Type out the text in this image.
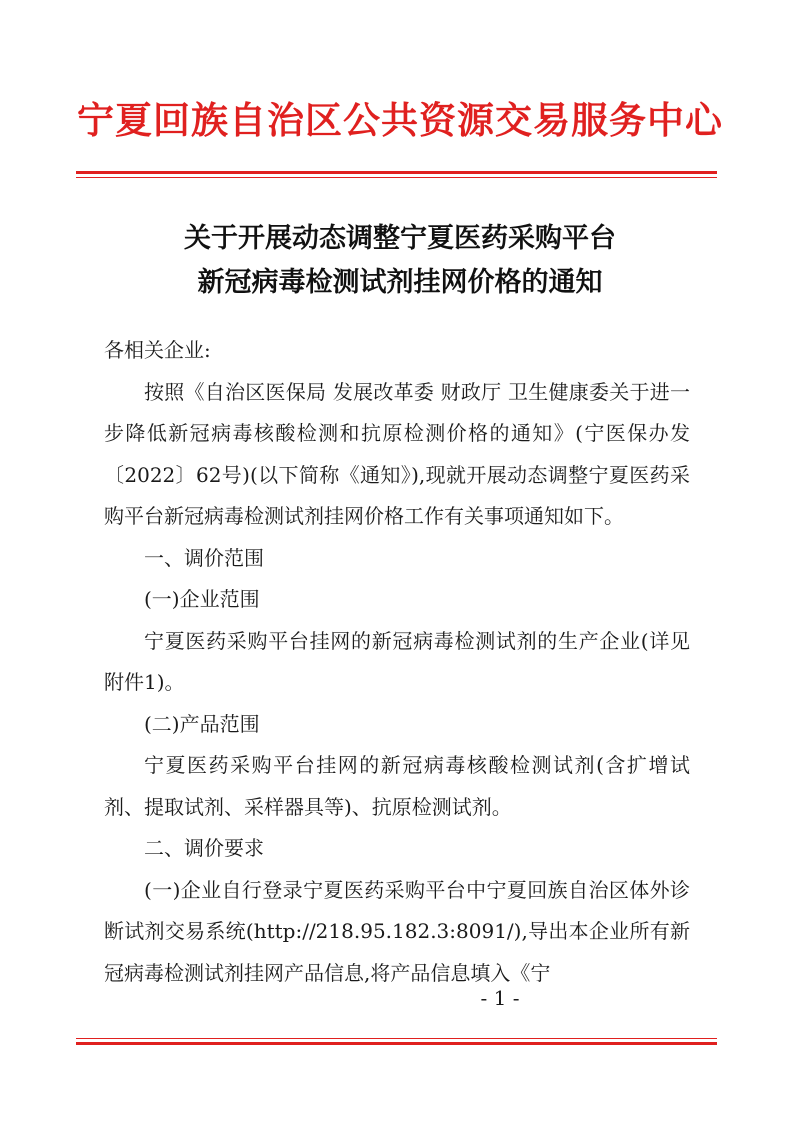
宁夏回族自治区公共资源交易服务中心
关于开展动态调整宁夏医药采购平台
新冠病毒检测试剂挂网价格的通知

各相关企业:

按照《自治区医保局 发展改革委 财政厅 卫生健康委关于进一步降低新冠病毒核酸检测和抗原检测价格的通知》(宁医保办发〔2022〕62号)(以下简称《通知》),现就开展动态调整宁夏医药采购平台新冠病毒检测试剂挂网价格工作有关事项通知如下。

一、调价范围

(一)企业范围

宁夏医药采购平台挂网的新冠病毒检测试剂的生产企业(详见附件1)。

(二)产品范围

宁夏医药采购平台挂网的新冠病毒核酸检测试剂(含扩增试剂、提取试剂、采样器具等)、抗原检测试剂。

二、调价要求

(一)企业自行登录宁夏医药采购平台中宁夏回族自治区体外诊断试剂交易系统(http://218.95.182.3:8091/),导出本企业所有新冠病毒检测试剂挂网产品信息,将产品信息填入《宁

- 1 -
